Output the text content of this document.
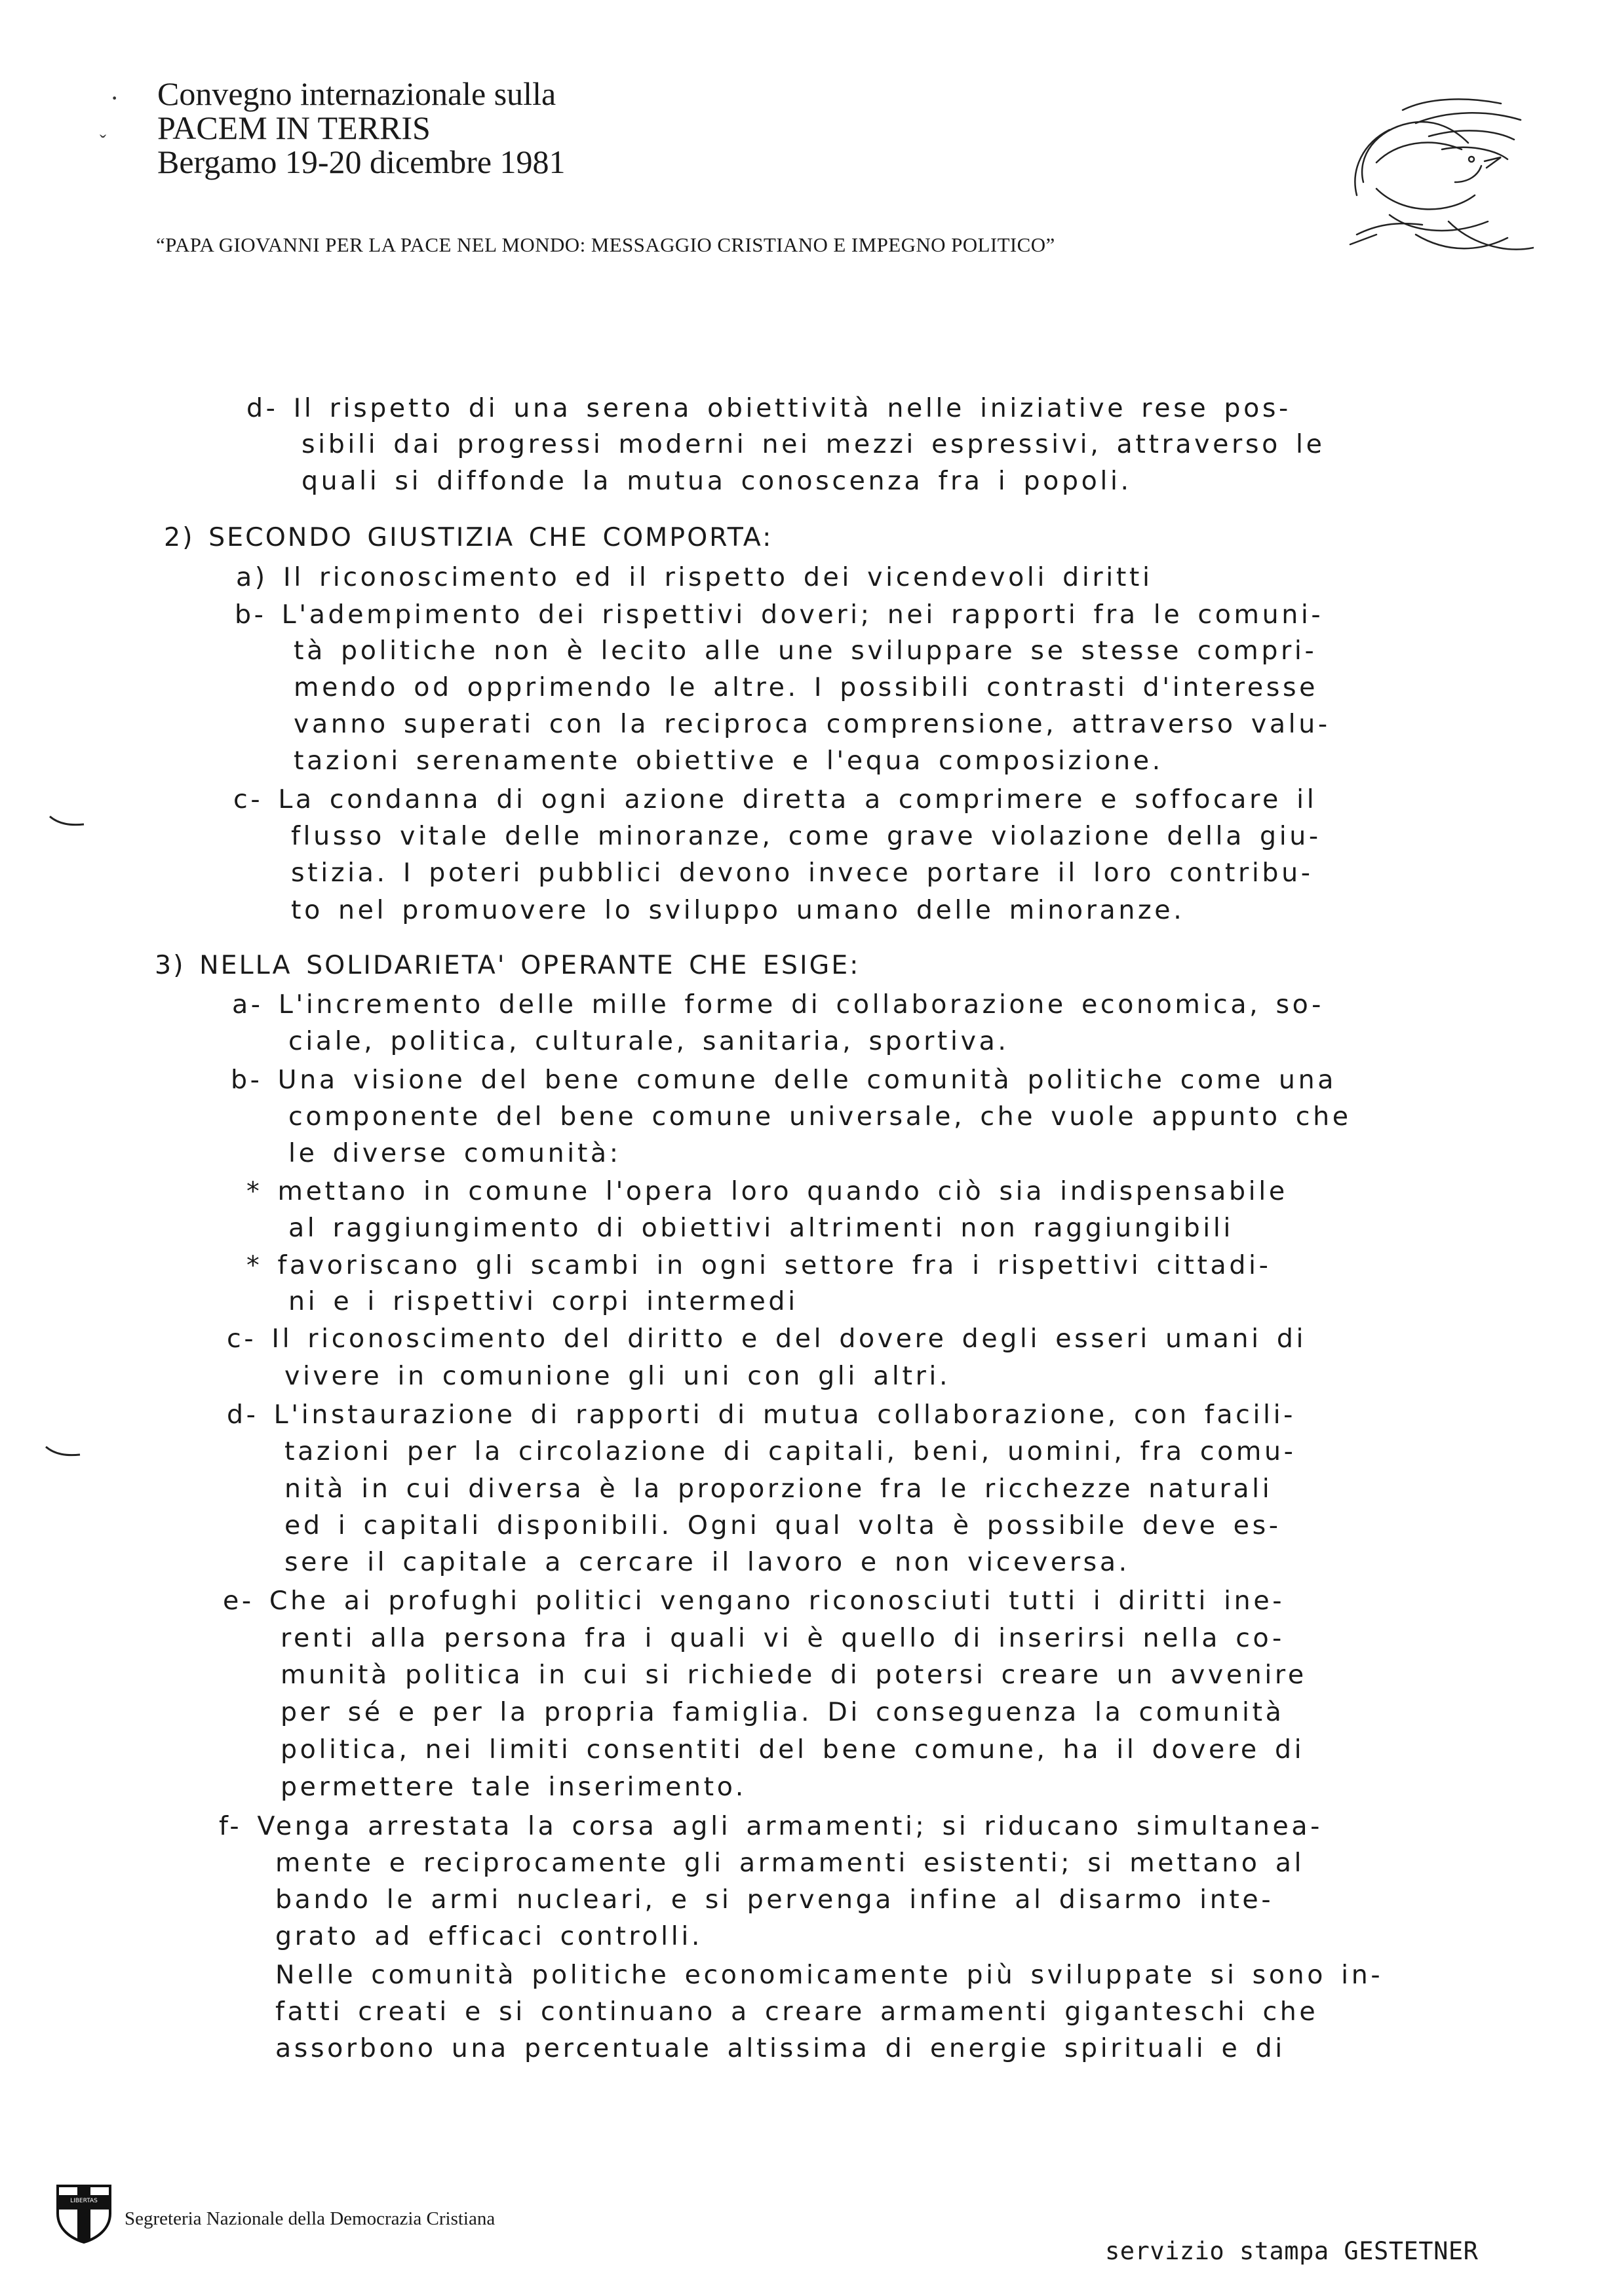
Convegno internazionale sulla
PACEM IN TERRIS
Bergamo 19-20 dicembre 1981
·
ˇ
“PAPA GIOVANNI PER LA PACE NEL MONDO: MESSAGGIO CRISTIANO E IMPEGNO POLITICO”
d- Il rispetto di una serena obiettività nelle iniziative rese pos-
sibili dai progressi moderni nei mezzi espressivi, attraverso le
quali si diffonde la mutua conoscenza fra i popoli.
2) SECONDO GIUSTIZIA CHE COMPORTA:
a) Il riconoscimento ed il rispetto dei vicendevoli diritti
b- L'adempimento dei rispettivi doveri; nei rapporti fra le comuni-
tà politiche non è lecito alle une sviluppare se stesse compri-
mendo od opprimendo le altre. I possibili contrasti d'interesse
vanno superati con la reciproca comprensione, attraverso valu-
tazioni serenamente obiettive e l'equa composizione.
c- La condanna di ogni azione diretta a comprimere e soffocare il
flusso vitale delle minoranze, come grave violazione della giu-
stizia. I poteri pubblici devono invece portare il loro contribu-
to nel promuovere lo sviluppo umano delle minoranze.
3) NELLA SOLIDARIETA' OPERANTE CHE ESIGE:
a- L'incremento delle mille forme di collaborazione economica, so-
ciale, politica, culturale, sanitaria, sportiva.
b- Una visione del bene comune delle comunità politiche come una
componente del bene comune universale, che vuole appunto che
le diverse comunità:
* mettano in comune l'opera loro quando ciò sia indispensabile
al raggiungimento di obiettivi altrimenti non raggiungibili
* favoriscano gli scambi in ogni settore fra i rispettivi cittadi-
ni e i rispettivi corpi intermedi
c- Il riconoscimento del diritto e del dovere degli esseri umani di
vivere in comunione gli uni con gli altri.
d- L'instaurazione di rapporti di mutua collaborazione, con facili-
tazioni per la circolazione di capitali, beni, uomini, fra comu-
nità in cui diversa è la proporzione fra le ricchezze naturali
ed i capitali disponibili. Ogni qual volta è possibile deve es-
sere il capitale a cercare il lavoro e non viceversa.
e- Che ai profughi politici vengano riconosciuti tutti i diritti ine-
renti alla persona fra i quali vi è quello di inserirsi nella co-
munità politica in cui si richiede di potersi creare un avvenire
per sé e per la propria famiglia. Di conseguenza la comunità
politica, nei limiti consentiti del bene comune, ha il dovere di
permettere tale inserimento.
f- Venga arrestata la corsa agli armamenti; si riducano simultanea-
mente e reciprocamente gli armamenti esistenti; si mettano al
bando le armi nucleari, e si pervenga infine al disarmo inte-
grato ad efficaci controlli.
Nelle comunità politiche economicamente più sviluppate si sono in-
fatti creati e si continuano a creare armamenti giganteschi che
assorbono una percentuale altissima di energie spirituali e di
LIBERTAS
Segreteria Nazionale della Democrazia Cristiana
servizio stampa GESTETNER
